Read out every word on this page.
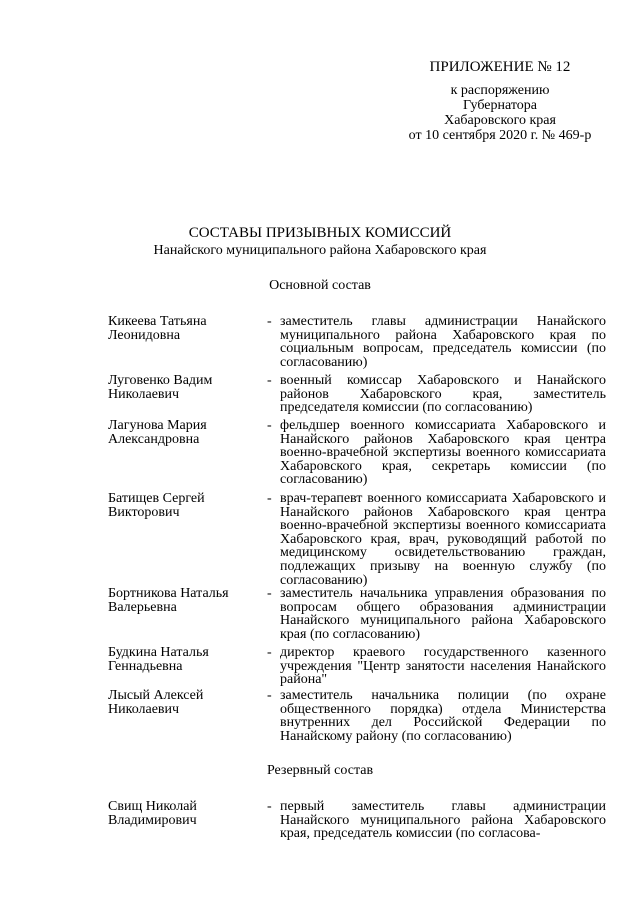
ПРИЛОЖЕНИЕ № 12
к распоряжению
Губернатора
Хабаровского края
от 10 сентября 2020 г. № 469-р
СОСТАВЫ ПРИЗЫВНЫХ КОМИССИЙ
Нанайского муниципального района Хабаровского края
Основной состав
Кикеева Татьяна
Леонидовна
- заместитель главы администрации Нанайского муниципального района Хабаровского края по социальным вопросам, председатель комиссии (по согласованию)
Луговенко Вадим
Николаевич
- военный комиссар Хабаровского и Нанайского районов Хабаровского края, заместитель председателя комиссии (по согласованию)
Лагунова Мария
Александровна
- фельдшер военного комиссариата Хабаровского и Нанайского районов Хабаровского края центра военно-врачебной экспертизы военного комиссариата Хабаровского края, секретарь комиссии (по согласованию)
Батищев Сергей
Викторович
- врач-терапевт военного комиссариата Хабаровского и Нанайского районов Хабаровского края центра военно-врачебной экспертизы военного комиссариата Хабаровского края, врач, руководящий работой по медицинскому освидетельствованию граждан, подлежащих призыву на военную службу (по согласованию)
Бортникова Наталья
Валерьевна
- заместитель начальника управления образования по вопросам общего образования администрации Нанайского муниципального района Хабаровского края (по согласованию)
Будкина Наталья
Геннадьевна
- директор краевого государственного казенного учреждения "Центр занятости населения Нанайского района"
Лысый Алексей
Николаевич
- заместитель начальника полиции (по охране общественного порядка) отдела Министерства внутренних дел Российской Федерации по Нанайскому району (по согласованию)
Резервный состав
Свищ Николай
Владимирович
- первый заместитель главы администрации Нанайского муниципального района Хабаровского края, председатель комиссии (по согласова-
